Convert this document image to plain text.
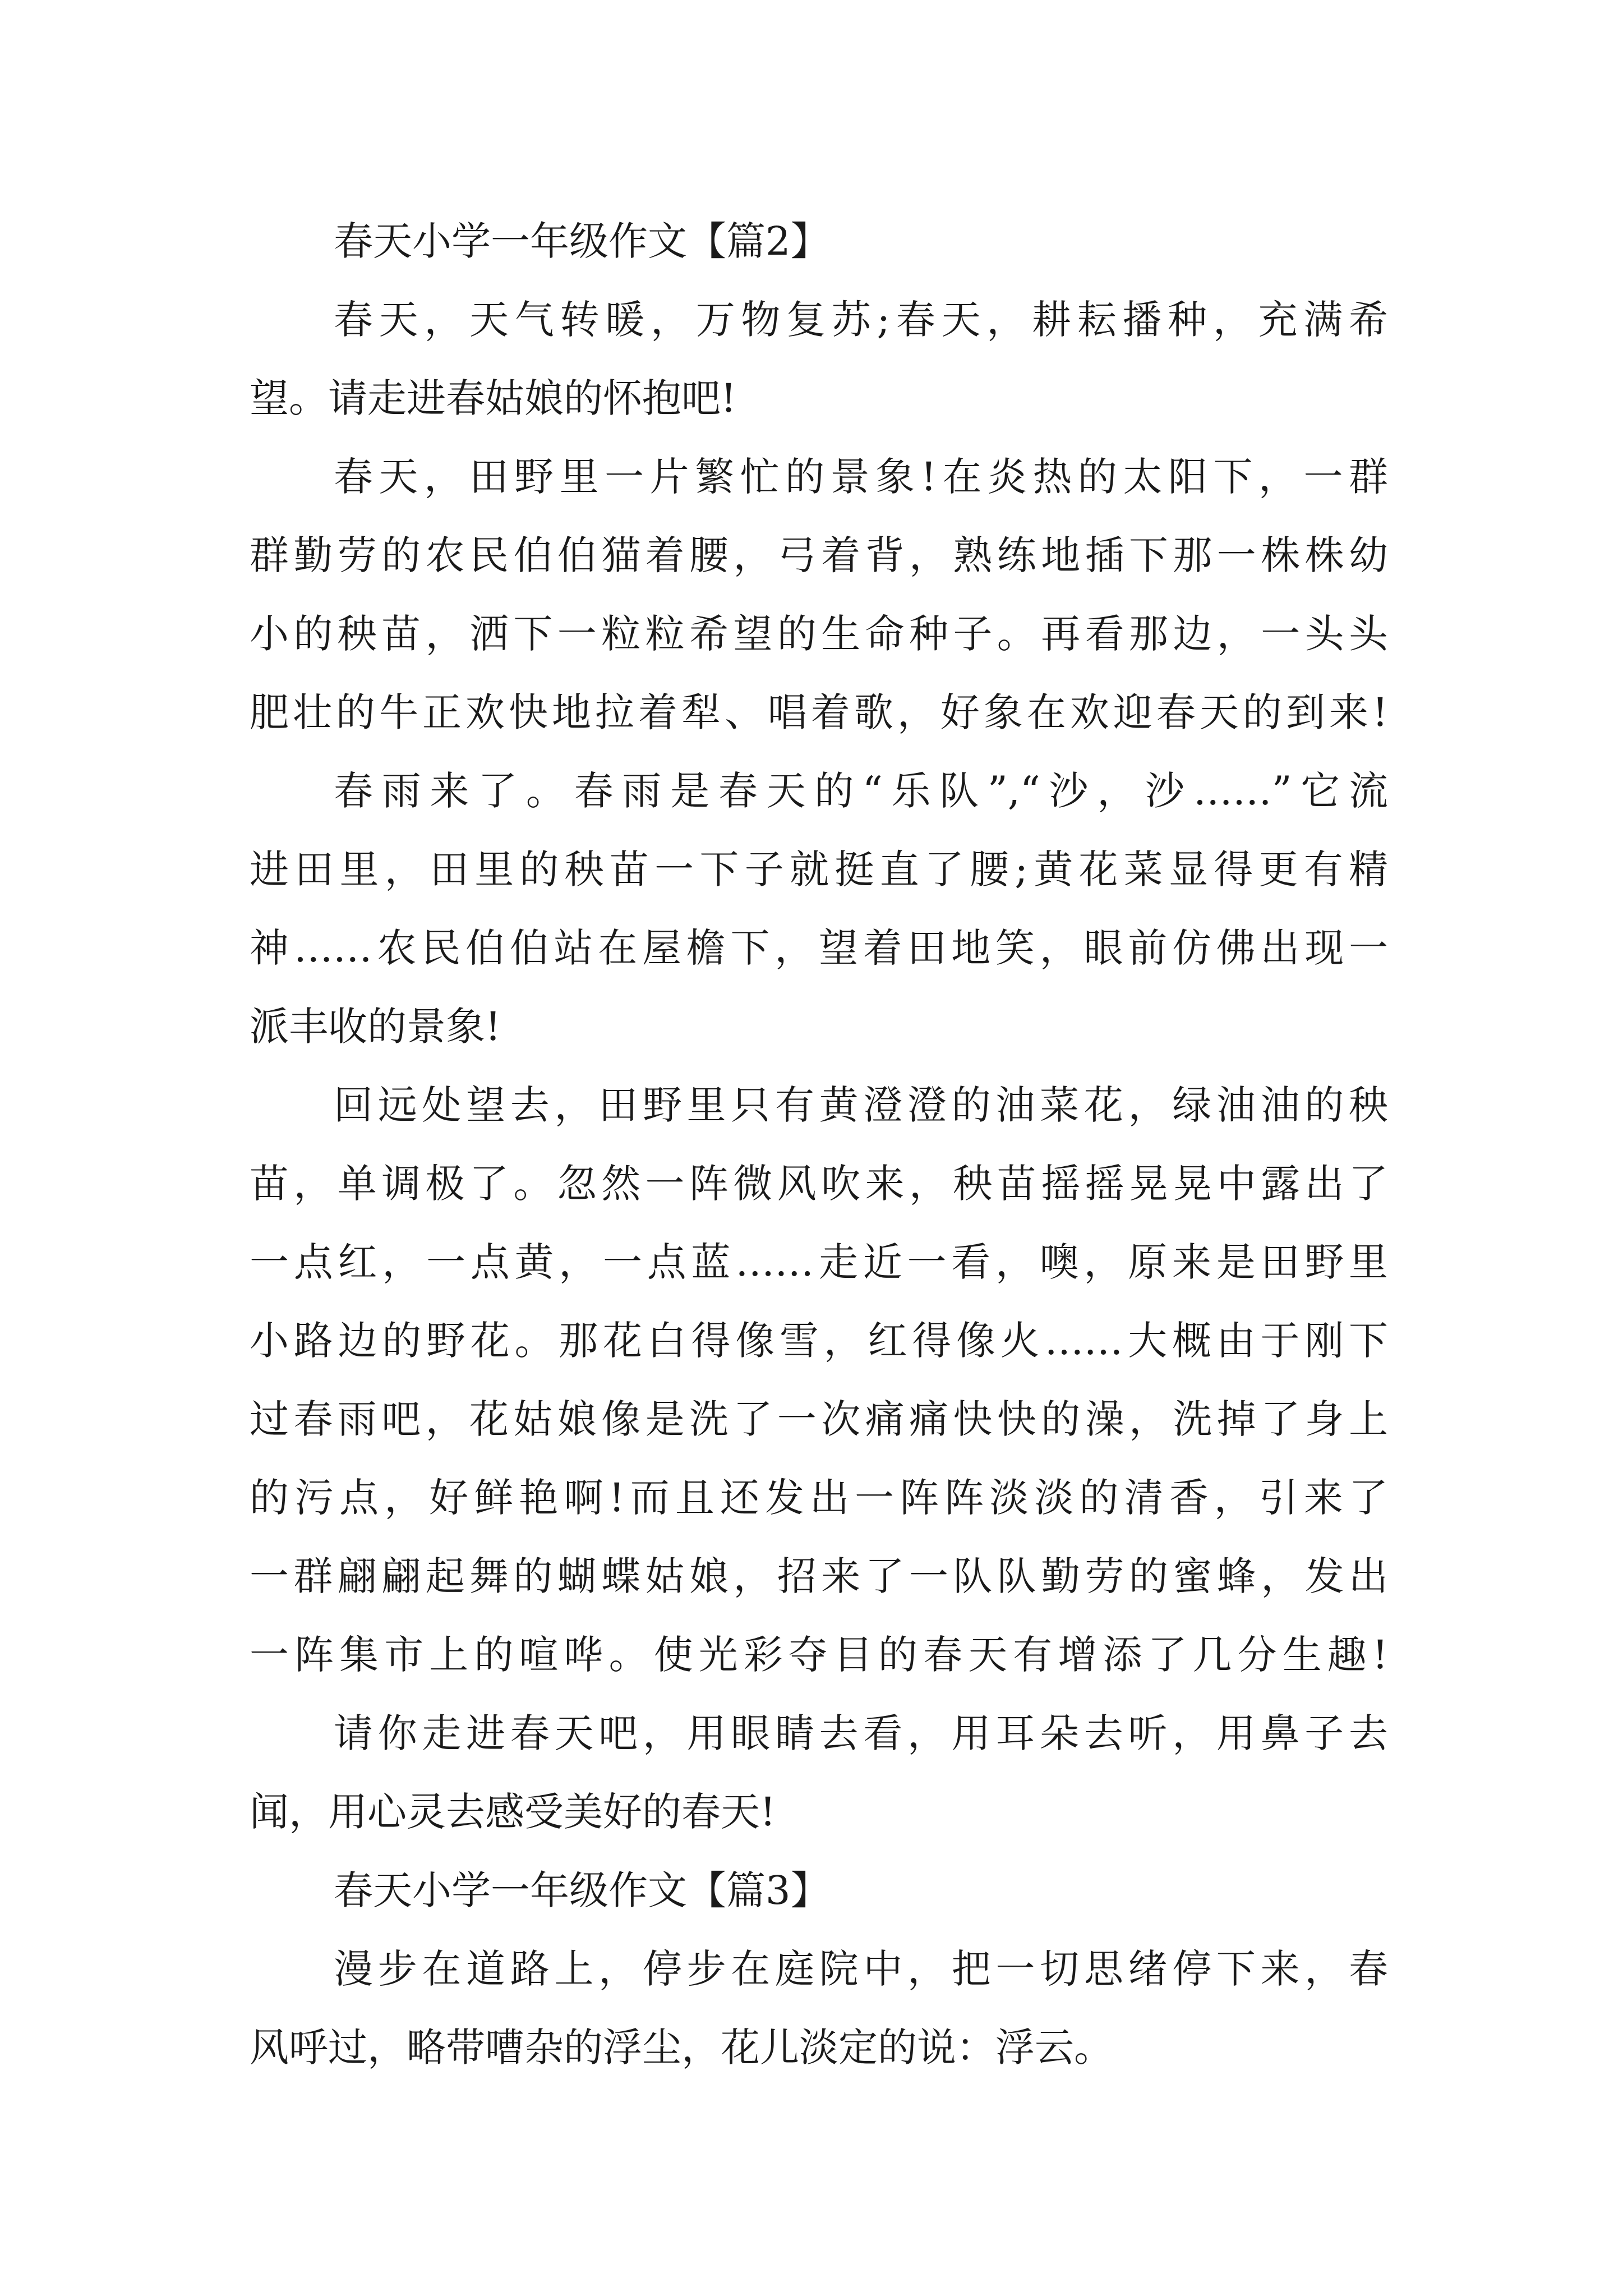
春天小学一年级作文【篇2】
春天，天气转暖，万物复苏;春天，耕耘播种，充满希
望。请走进春姑娘的怀抱吧!
春天，田野里一片繁忙的景象!在炎热的太阳下，一群
群勤劳的农民伯伯猫着腰，弓着背，熟练地插下那一株株幼
小的秧苗，洒下一粒粒希望的生命种子。再看那边，一头头
肥壮的牛正欢快地拉着犁、唱着歌，好象在欢迎春天的到来!
春雨来了。春雨是春天的“乐队”,“沙，沙……”它流
进田里，田里的秧苗一下子就挺直了腰;黄花菜显得更有精
神……农民伯伯站在屋檐下，望着田地笑，眼前仿佛出现一
派丰收的景象!
回远处望去，田野里只有黄澄澄的油菜花，绿油油的秧
苗，单调极了。忽然一阵微风吹来，秧苗摇摇晃晃中露出了
一点红，一点黄，一点蓝……走近一看，噢，原来是田野里
小路边的野花。那花白得像雪，红得像火……大概由于刚下
过春雨吧，花姑娘像是洗了一次痛痛快快的澡，洗掉了身上
的污点，好鲜艳啊!而且还发出一阵阵淡淡的清香，引来了
一群翩翩起舞的蝴蝶姑娘，招来了一队队勤劳的蜜蜂，发出
一阵集市上的喧哗。使光彩夺目的春天有增添了几分生趣!
请你走进春天吧，用眼睛去看，用耳朵去听，用鼻子去
闻，用心灵去感受美好的春天!
春天小学一年级作文【篇3】
漫步在道路上，停步在庭院中，把一切思绪停下来，春
风呼过，略带嘈杂的浮尘，花儿淡定的说：浮云。
